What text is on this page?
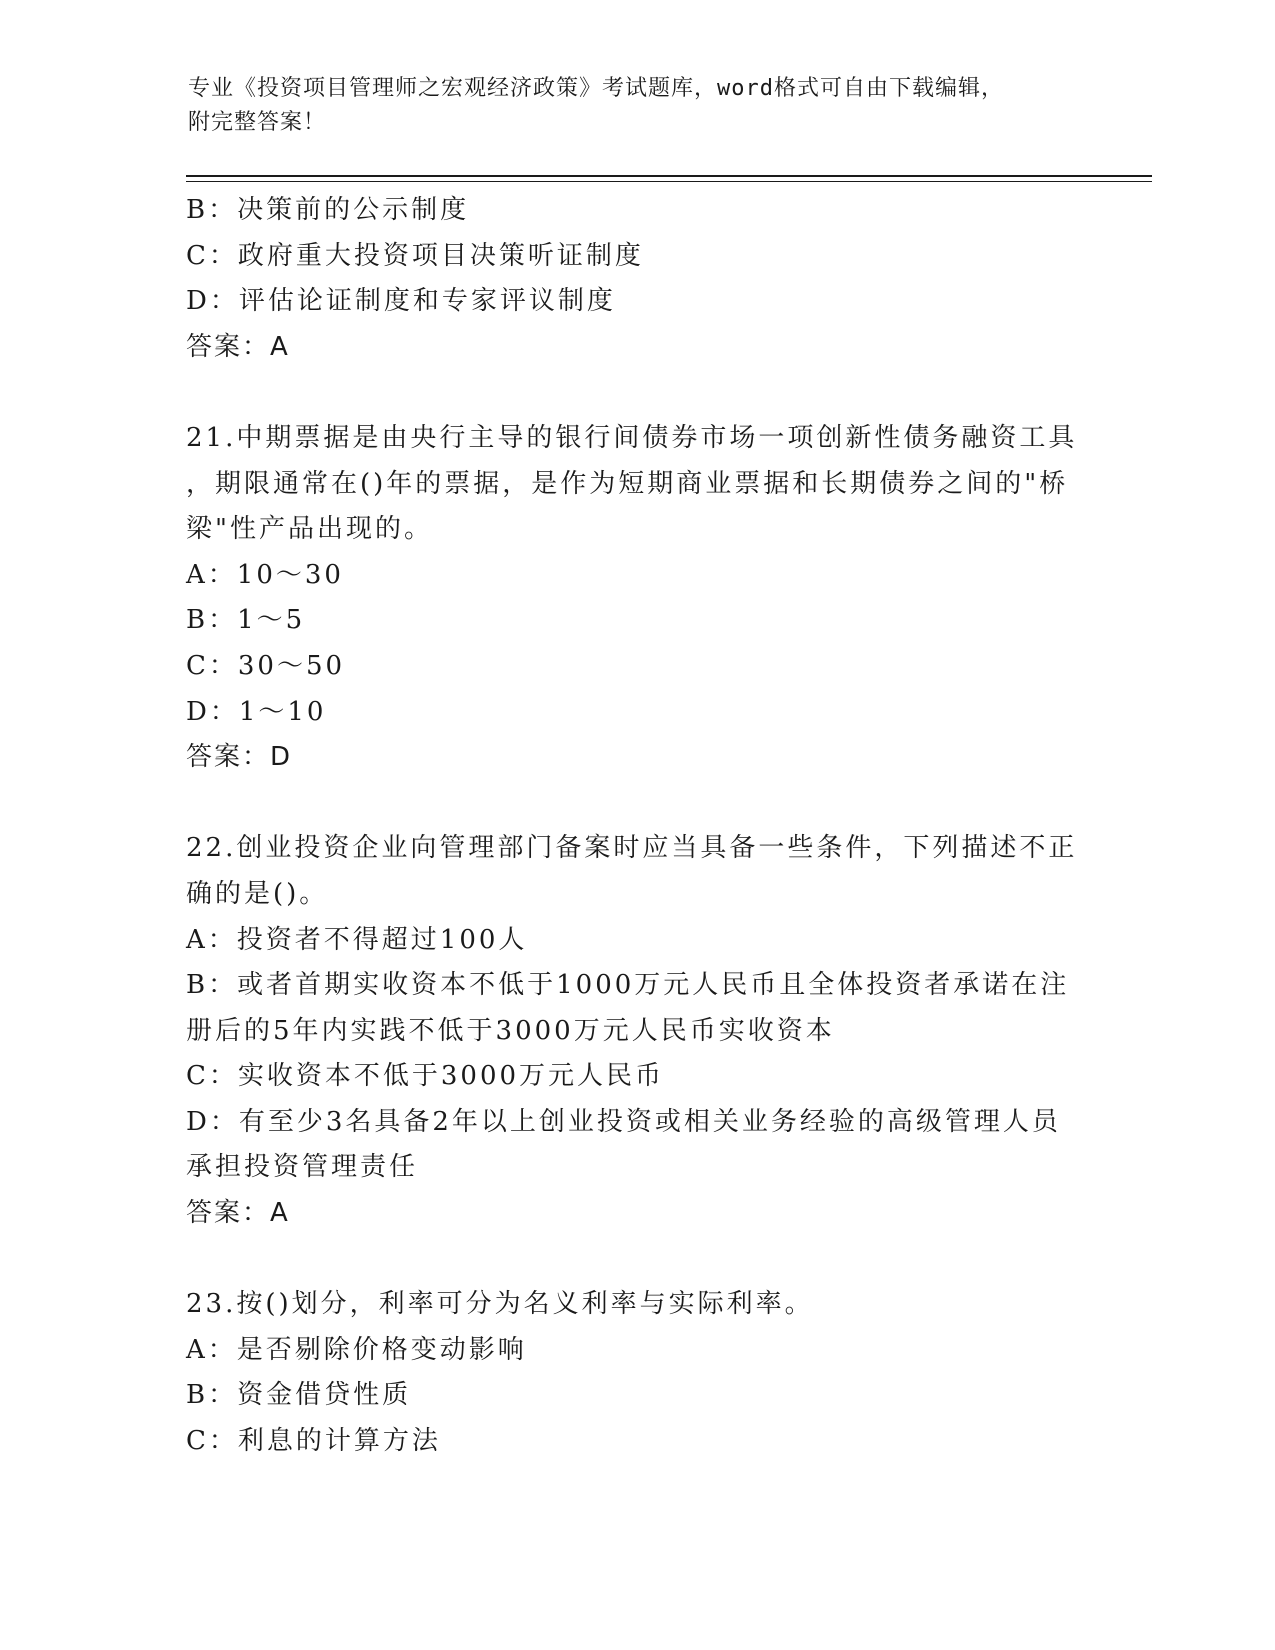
专业《投资项目管理师之宏观经济政策》考试题库，word格式可自由下载编辑，
附完整答案！
B：决策前的公示制度
C：政府重大投资项目决策听证制度
D：评估论证制度和专家评议制度
答案：A
21.中期票据是由央行主导的银行间债券市场一项创新性债务融资工具
，期限通常在()年的票据，是作为短期商业票据和长期债券之间的"桥
梁"性产品出现的。
A：10～30
B：1～5
C：30～50
D：1～10
答案：D
22.创业投资企业向管理部门备案时应当具备一些条件，下列描述不正
确的是()。
A：投资者不得超过100人
B：或者首期实收资本不低于1000万元人民币且全体投资者承诺在注
册后的5年内实践不低于3000万元人民币实收资本
C：实收资本不低于3000万元人民币
D：有至少3名具备2年以上创业投资或相关业务经验的高级管理人员
承担投资管理责任
答案：A
23.按()划分，利率可分为名义利率与实际利率。
A：是否剔除价格变动影响
B：资金借贷性质
C：利息的计算方法
